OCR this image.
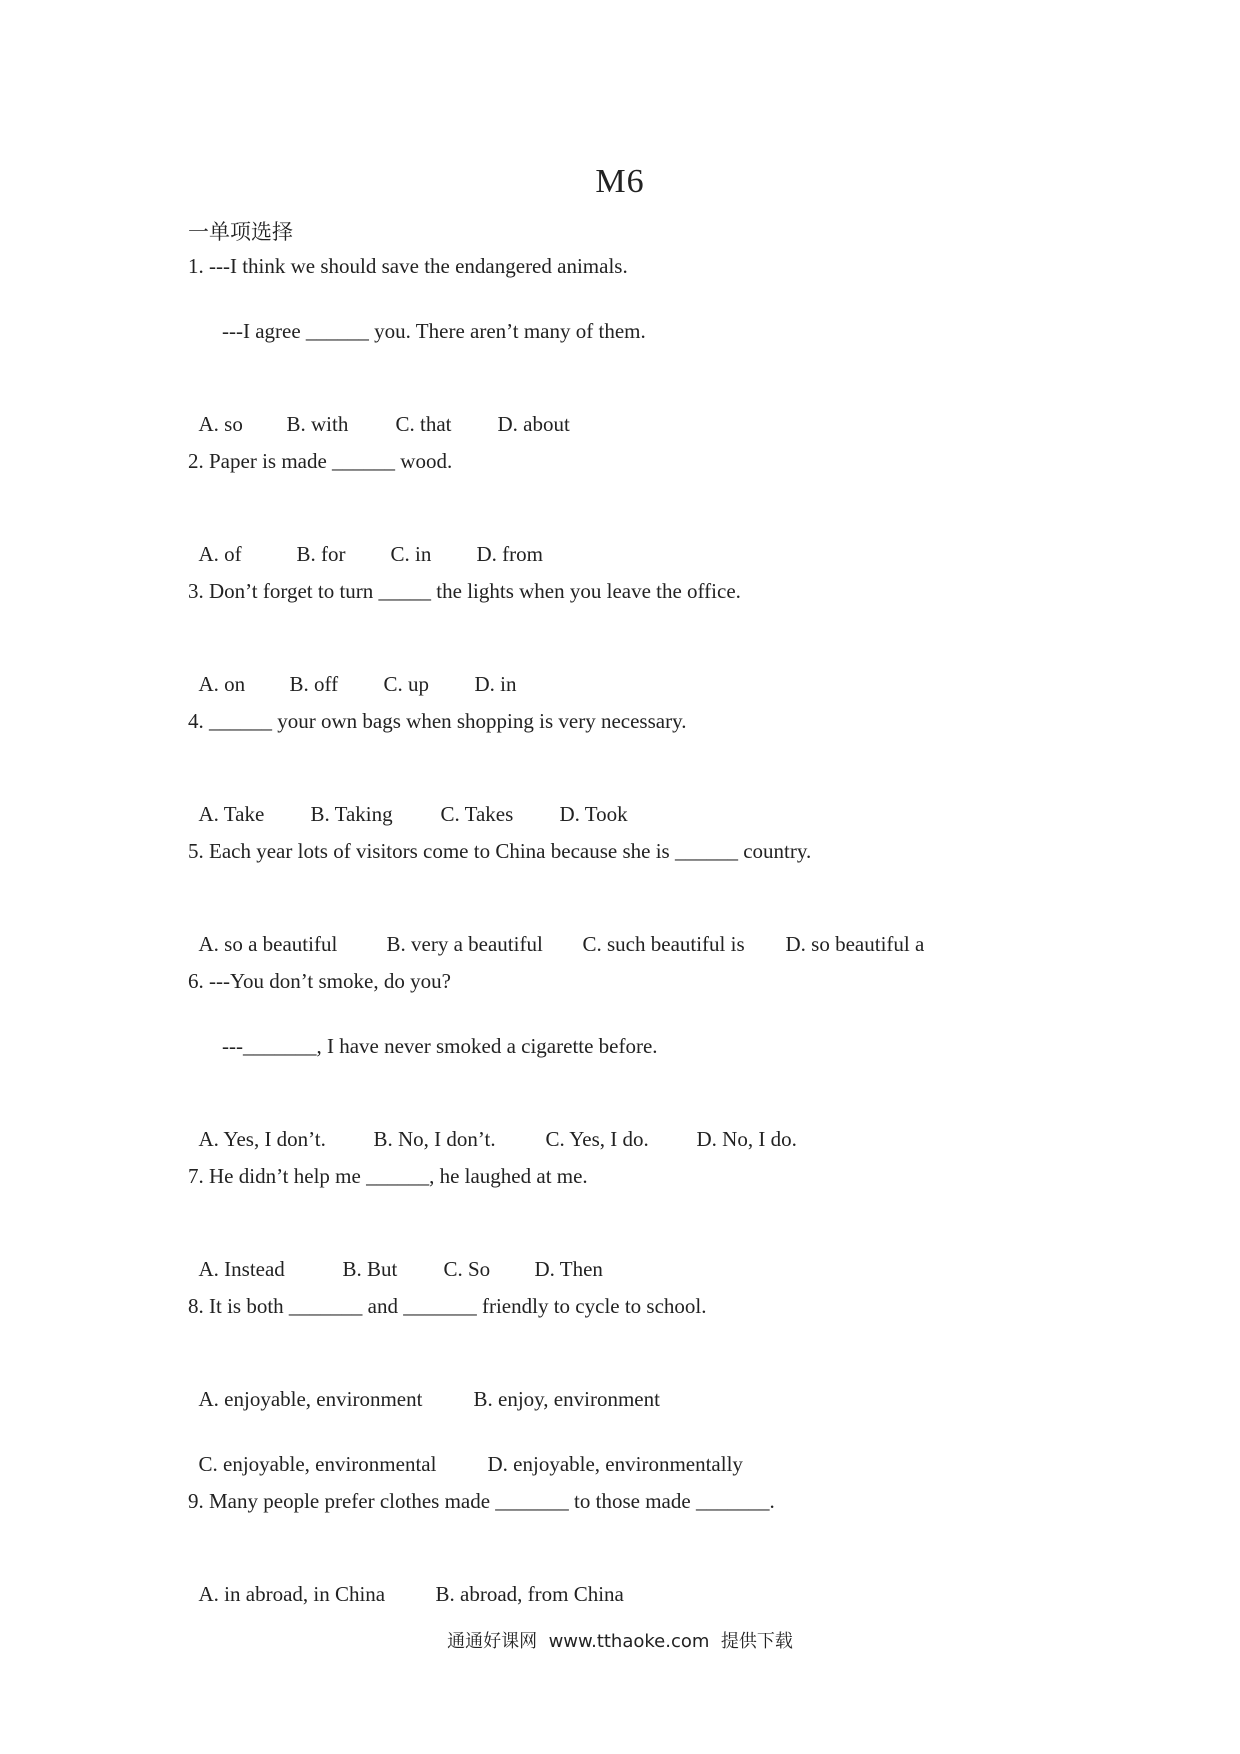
M6
一单项选择
1. ---I think we should save the endangered animals.
---I agree ______ you. There aren’t many of them.

A. so B. with C. that D. about

2. Paper is made ______ wood.

A. of	B. for C. in D. from

3. Don’t forget to turn _____ the lights when you leave the office.

A. on B. off C. up D. in

4. ______ your own bags when shopping is very necessary.

A. Take B. Taking C. Takes D. Took

5. Each year lots of visitors come to China because she is ______ country.

A. so a beautiful B. very a beautiful C. such beautiful is D. so beautiful a

6. ---You don’t smoke, do you?
---_______, I have never smoked a cigarette before.

A. Yes, I don’t. B. No, I don’t. C. Yes, I do. D. No, I do.

7. He didn’t help me ______, he laughed at me.

A. Instead	B. But C. So D. Then

8. It is both _______ and _______ friendly to cycle to school.

A. enjoyable, environment B. enjoy, environment

C. enjoyable, environmental D. enjoyable, environmentally

9. Many people prefer clothes made _______ to those made _______.

A. in abroad, in China B. abroad, from China

通通好课网  www.tthaoke.com  提供下载
